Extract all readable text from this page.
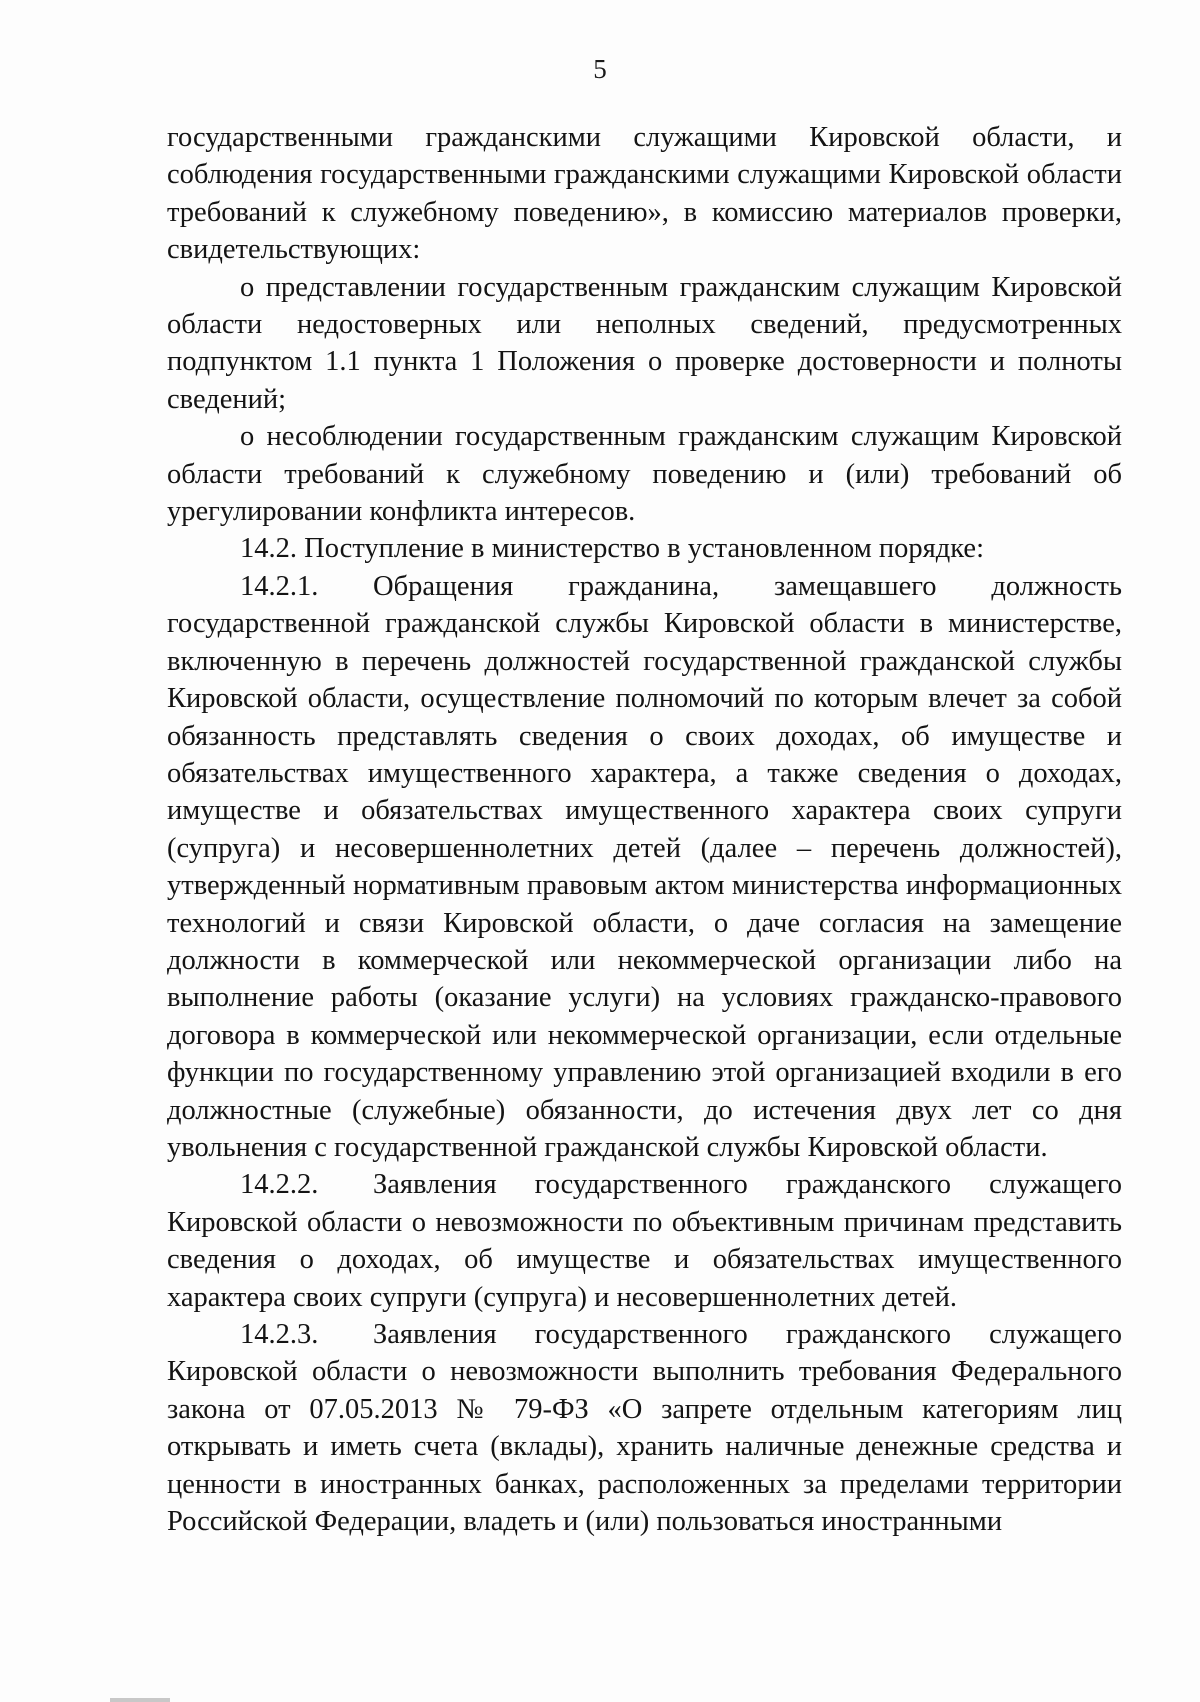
5

государственными гражданскими служащими Кировской области, и соблюдения государственными гражданскими служащими Кировской области требований к служебному поведению», в комиссию материалов проверки, свидетельствующих:

о представлении государственным гражданским служащим Кировской области недостоверных или неполных сведений, предусмотренных подпунктом 1.1 пункта 1 Положения о проверке достоверности и полноты сведений;

о несоблюдении государственным гражданским служащим Кировской области требований к служебному поведению и (или) требований об урегулировании конфликта интересов.

14.2. Поступление в министерство в установленном порядке:

14.2.1. Обращения гражданина, замещавшего должность государственной гражданской службы Кировской области в министерстве, включенную в перечень должностей государственной гражданской службы Кировской области, осуществление полномочий по которым влечет за собой обязанность представлять сведения о своих доходах, об имуществе и обязательствах имущественного характера, а также сведения о доходах, имуществе и обязательствах имущественного характера своих супруги (супруга) и несовершеннолетних детей (далее – перечень должностей), утвержденный нормативным правовым актом министерства информационных технологий и связи Кировской области, о даче согласия на замещение должности в коммерческой или некоммерческой организации либо на выполнение работы (оказание услуги) на условиях гражданско-правового договора в коммерческой или некоммерческой организации, если отдельные функции по государственному управлению этой организацией входили в его должностные (служебные) обязанности, до истечения двух лет со дня увольнения с государственной гражданской службы Кировской области.

14.2.2. Заявления государственного гражданского служащего Кировской области о невозможности по объективным причинам представить сведения о доходах, об имуществе и обязательствах имущественного характера своих супруги (супруга) и несовершеннолетних детей.

14.2.3. Заявления государственного гражданского служащего Кировской области о невозможности выполнить требования Федерального закона от 07.05.2013 № 79-ФЗ «О запрете отдельным категориям лиц открывать и иметь счета (вклады), хранить наличные денежные средства и ценности в иностранных банках, расположенных за пределами территории Российской Федерации, владеть и (или) пользоваться иностранными
